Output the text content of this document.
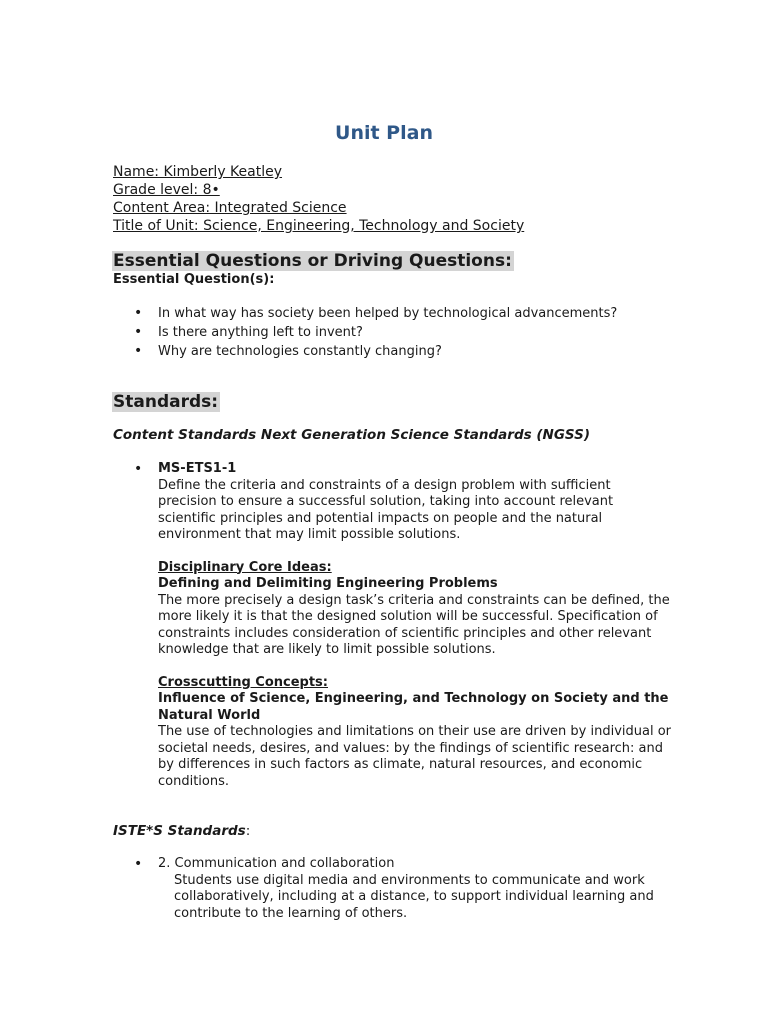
Unit Plan
Name: Kimberly Keatley
Grade level: 8•
Content Area: Integrated Science
Title of Unit: Science, Engineering, Technology and Society
Essential Questions or Driving Questions:
Essential Question(s):
• In what way has society been helped by technological advancements?
• Is there anything left to invent?
• Why are technologies constantly changing?
Standards:
Content Standards Next Generation Science Standards (NGSS)
• MS-ETS1-1
Define the criteria and constraints of a design problem with sufficient precision to ensure a successful solution, taking into account relevant scientific principles and potential impacts on people and the natural environment that may limit possible solutions.
Disciplinary Core Ideas:
Defining and Delimiting Engineering Problems
The more precisely a design task’s criteria and constraints can be defined, the more likely it is that the designed solution will be successful. Specification of constraints includes consideration of scientific principles and other relevant knowledge that are likely to limit possible solutions.
Crosscutting Concepts:
Influence of Science, Engineering, and Technology on Society and the Natural World
The use of technologies and limitations on their use are driven by individual or societal needs, desires, and values: by the findings of scientific research: and by differences in such factors as climate, natural resources, and economic conditions.
ISTE*S Standards:
• 2. Communication and collaboration
Students use digital media and environments to communicate and work collaboratively, including at a distance, to support individual learning and contribute to the learning of others.
